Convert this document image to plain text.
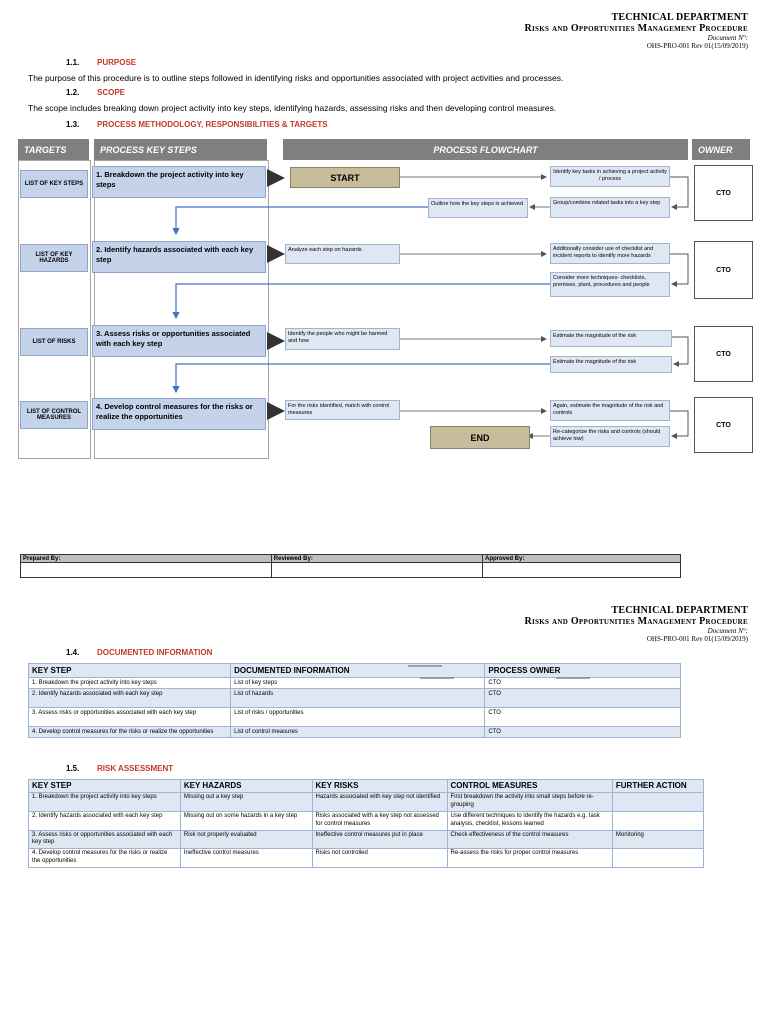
TECHNICAL DEPARTMENT
Risks and Opportunities Management Procedure
Document N°:
OHS-PRO-001 Rev 01(15/09/2019)
1.1. PURPOSE
The purpose of this procedure is to outline steps followed in identifying risks and opportunities associated with project activities and processes.
1.2. SCOPE
The scope includes breaking down project activity into key steps, identifying hazards, assessing risks and then developing control measures.
1.3. PROCESS METHODOLOGY, RESPONSIBILITIES & TARGETS
TARGETS	PROCESS KEY STEPS	PROCESS FLOWCHART	OWNER
LIST OF KEY STEPS
LIST OF KEY HAZARDS
LIST OF RISKS
LIST OF CONTROL MEASURES
1. Breakdown the project activity into key steps
2. Identify hazards associated with each key step
3. Assess risks or opportunities associated with each key step
4. Develop control measures for the risks or realize the opportunities
START
END
Identify key tasks in achieving a project activity / process
Outline how the key steps is achieved	Group/combine related tasks into a key step
Analyze each step on hazards	Additionally consider use of checklist and incident reports to identify more hazards
Consider more techniques- checklists, premises, plant, procedures and people
Identify the people who might be harmed and how
Estimate the magnitude of the risk
Estimate the magnitude of the risk
For the risks identified, match with control measures
Again, estimate the magnitude of the risk and controls
Re-categorize the risks and controls (should achieve low)
CTO
CTO
CTO
CTO
Prepared By:	Reviewed By:	Approved By:

TECHNICAL DEPARTMENT
Risks and Opportunities Management Procedure
Document N°:
OHS-PRO-001 Rev 01(15/09/2019)
1.4. DOCUMENTED INFORMATION
KEY STEP	DOCUMENTED INFORMATION	PROCESS OWNER
1. Breakdown the project activity into key steps	List of key steps	CTO
2. Identify hazards associated with each key step	List of hazards	CTO
3. Assess risks or opportunities associated with each key step	List of risks / opportunities	CTO
4. Develop control measures for the risks or realize the opportunities	List of control measures	CTO
1.5. RISK ASSESSMENT
KEY STEP	KEY HAZARDS	KEY RISKS	CONTROL MEASURES	FURTHER ACTION
1. Breakdown the project activity into key steps	Missing out a key step	Hazards associated with key step not identified	First breakdown the activity into small steps before re-grouping	
2. Identify hazards associated with each key step	Missing out on some hazards in a key step	Risks associated with a key step not assessed for control measures	Use different techniques to identify the hazards e.g. task analysis, checklist, lessons learned	
3. Assess risks or opportunities associated with each key step	Risk not properly evaluated	Ineffective control measures put in place	Check effectiveness of the control measures	Monitoring
4. Develop control measures for the risks or realize the opportunities	Ineffective control measures	Risks not controlled	Re-assess the risks for proper control measures	
